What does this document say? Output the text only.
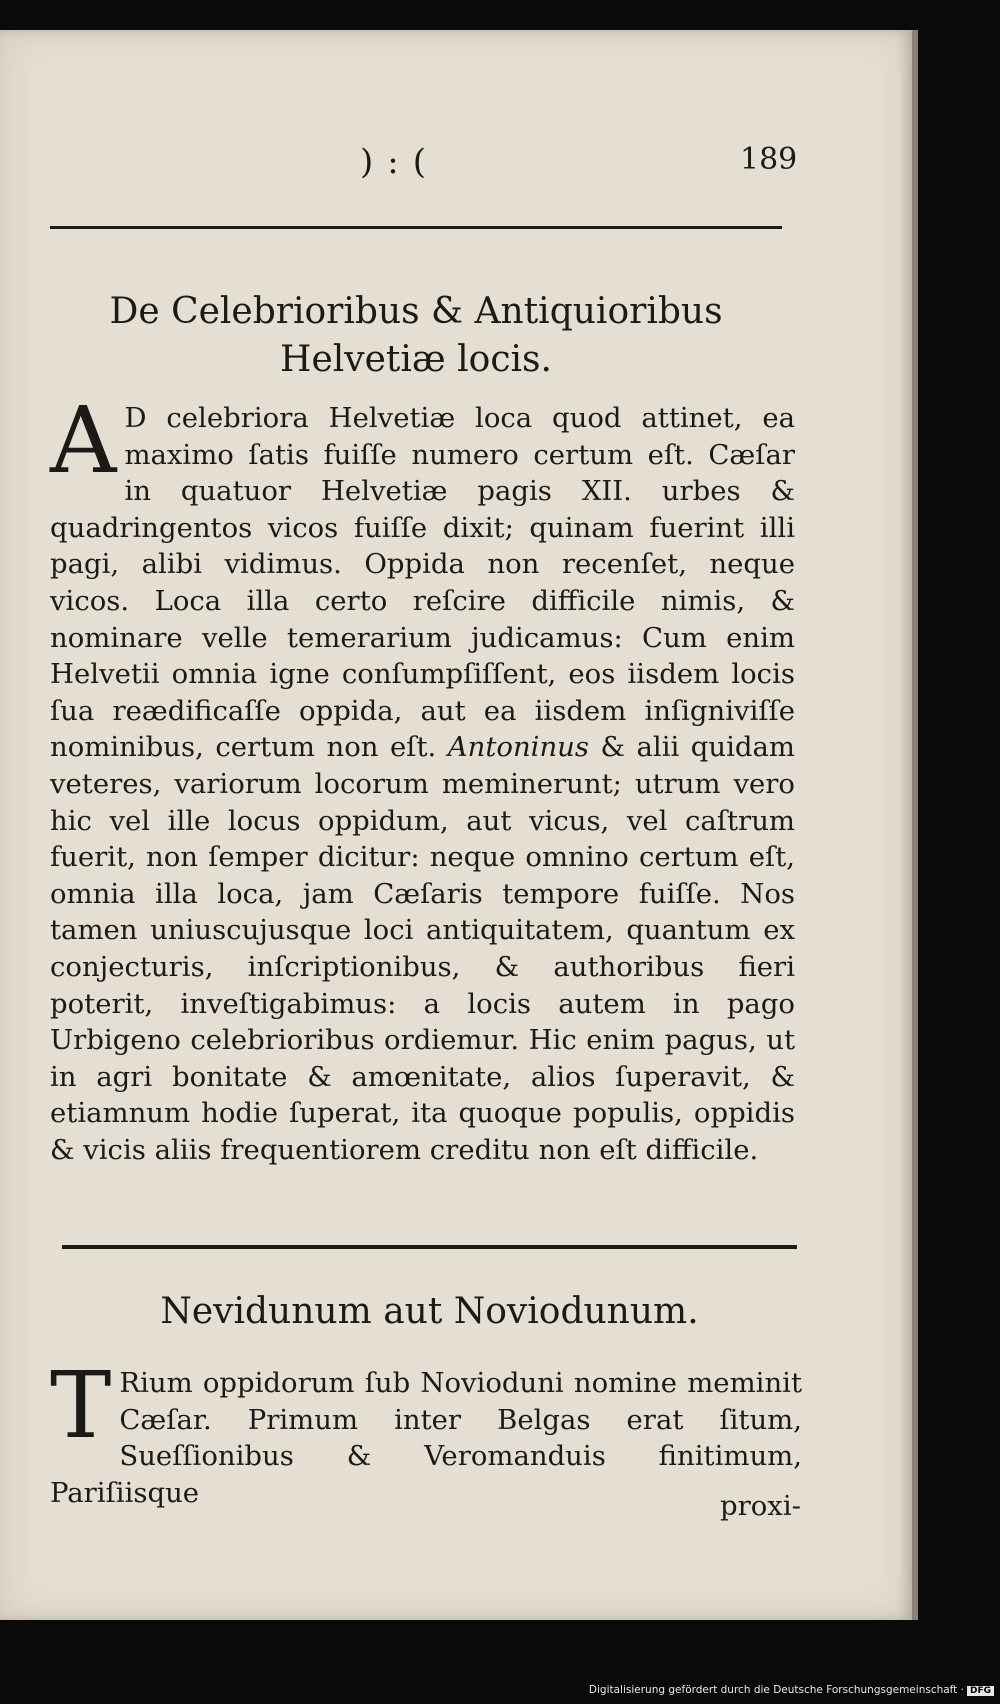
):(	189
De Celebrioribus & Antiquioribus
Helvetiæ locis.

A D celebriora Helvetiæ loca quod attinet, ea maximo ſatis fuiſſe numero certum eſt. Cæſar in quatuor Helvetiæ pagis XII. urbes & quadringentos vicos fuiſſe dixit; quinam fuerint illi pagi, alibi vidimus. Oppida non recenſet, neque vicos. Loca illa certo reſcire difficile nimis, & nominare velle temerarium judicamus: Cum enim Helvetii omnia igne conſumpſiſſent, eos iisdem locis ſua reædificaſſe oppida, aut ea iisdem inſigniviſſe nominibus, certum non eſt. Antoninus & alii quidam veteres, variorum locorum meminerunt; utrum vero hic vel ille locus oppidum, aut vicus, vel caſtrum fuerit, non ſemper dicitur: neque omnino certum eſt, omnia illa loca, jam Cæſaris tempore fuiſſe. Nos tamen uniuscujusque loci antiquitatem, quantum ex conjecturis, inſcriptionibus, & authoribus fieri poterit, inveſtigabimus: a locis autem in pago Urbigeno celebrioribus ordiemur. Hic enim pagus, ut in agri bonitate & amœnitate, alios ſuperavit, & etiamnum hodie ſuperat, ita quoque populis, oppidis & vicis aliis frequentiorem creditu non eſt difficile.

Nevidunum aut Noviodunum.

T Rium oppidorum ſub Novioduni nomine meminit Cæſar. Primum inter Belgas erat ſitum, Sueſſionibus & Veromanduis finitimum, Pariſiisque	proxi-
Digitalisierung gefördert durch die Deutsche Forschungsgemeinschaft · DFG
